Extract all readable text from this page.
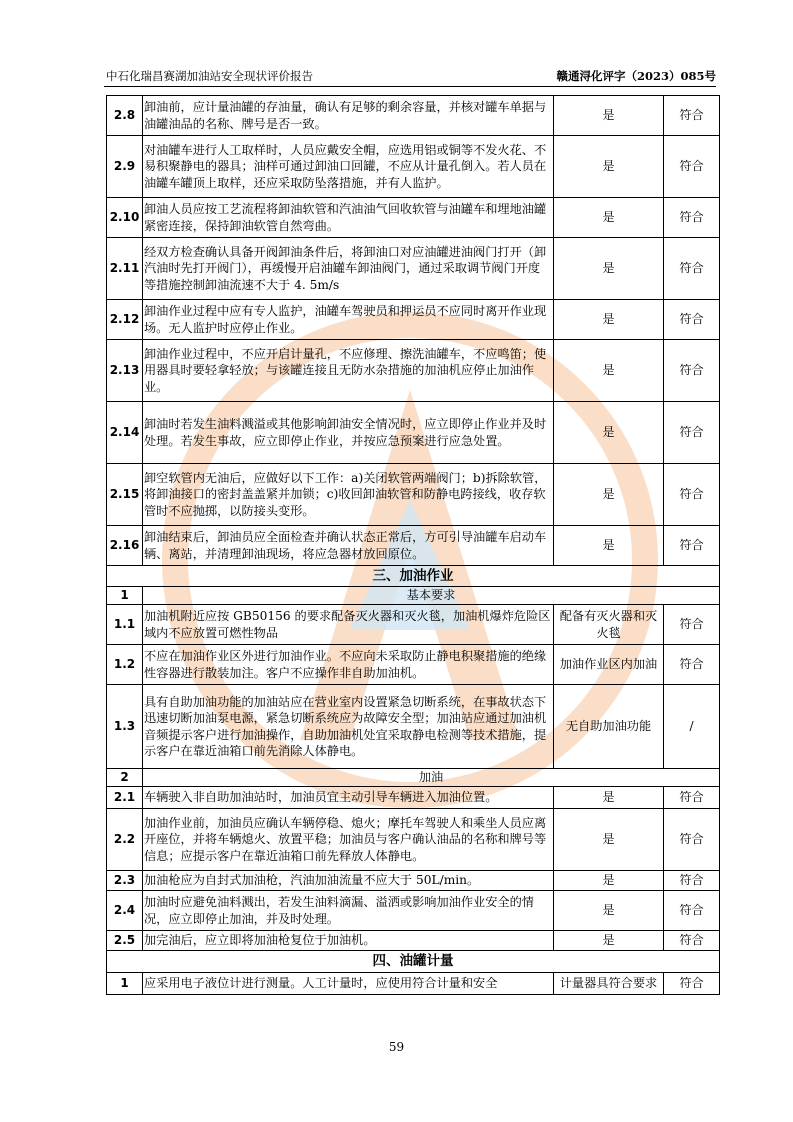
中石化瑞昌赛湖加油站安全现状评价报告	赣通浔化评字（2023）085号
2.8	卸油前，应计量油罐的存油量，确认有足够的剩余容量，并核对罐车单据与油罐油品的名称、牌号是否一致。	是	符合
2.9	对油罐车进行人工取样时，人员应戴安全帽，应选用铝或铜等不发火花、不易积聚静电的器具；油样可通过卸油口回罐，不应从计量孔倒入。若人员在油罐车罐顶上取样，还应采取防坠落措施，并有人监护。	是	符合
2.10	卸油人员应按工艺流程将卸油软管和汽油油气回收软管与油罐车和埋地油罐紧密连接，保持卸油软管自然弯曲。	是	符合
2.11	经双方检查确认具备开阀卸油条件后，将卸油口对应油罐进油阀门打开（卸汽油时先打开阀门），再缓慢开启油罐车卸油阀门，通过采取调节阀门开度等措施控制卸油流速不大于 4. 5m/s	是	符合
2.12	卸油作业过程中应有专人监护，油罐车驾驶员和押运员不应同时离开作业现场。无人监护时应停止作业。	是	符合
2.13	卸油作业过程中，不应开启计量孔，不应修理、擦洗油罐车，不应鸣笛；使用器具时要轻拿轻放；与该罐连接且无防水杂措施的加油机应停止加油作业。	是	符合
2.14	卸油时若发生油料溅溢或其他影响卸油安全情况时，应立即停止作业并及时处理。若发生事故，应立即停止作业，并按应急预案进行应急处置。	是	符合
2.15	卸空软管内无油后，应做好以下工作：a)关闭软管两端阀门；b)拆除软管，将卸油接口的密封盖盖紧并加锁；c)收回卸油软管和防静电跨接线，收存软管时不应抛掷，以防接头变形。	是	符合
2.16	卸油结束后，卸油员应全面检查并确认状态正常后，方可引导油罐车启动车辆、离站，并清理卸油现场，将应急器材放回原位。	是	符合
三、加油作业			
1	基本要求		
1.1	加油机附近应按 GB50156 的要求配备灭火器和灭火毯，加油机爆炸危险区域内不应放置可燃性物品	配备有灭火器和灭火毯	符合
1.2	不应在加油作业区外进行加油作业。不应向未采取防止静电积聚措施的绝缘性容器进行散装加注。客户不应操作非自助加油机。	加油作业区内加油	符合
1.3	具有自助加油功能的加油站应在营业室内设置紧急切断系统，在事故状态下迅速切断加油泵电源，紧急切断系统应为故障安全型；加油站应通过加油机音频提示客户进行加油操作，自助加油机处宜采取静电检测等技术措施，提示客户在靠近油箱口前先消除人体静电。	无自助加油功能	/
2	加油		
2.1	车辆驶入非自助加油站时，加油员宜主动引导车辆进入加油位置。	是	符合
2.2	加油作业前，加油员应确认车辆停稳、熄火；摩托车驾驶人和乘坐人员应离开座位，并将车辆熄火、放置平稳；加油员与客户确认油品的名称和牌号等信息；应提示客户在靠近油箱口前先释放人体静电。	是	符合
2.3	加油枪应为自封式加油枪，汽油加油流量不应大于 50L/min。	是	符合
2.4	加油时应避免油料溅出，若发生油料滴漏、溢洒或影响加油作业安全的情况，应立即停止加油，并及时处理。	是	符合
2.5	加完油后，应立即将加油枪复位于加油机。	是	符合
四、油罐计量			
1	应采用电子液位计进行测量。人工计量时，应使用符合计量和安全	计量器具符合要求	符合
59
